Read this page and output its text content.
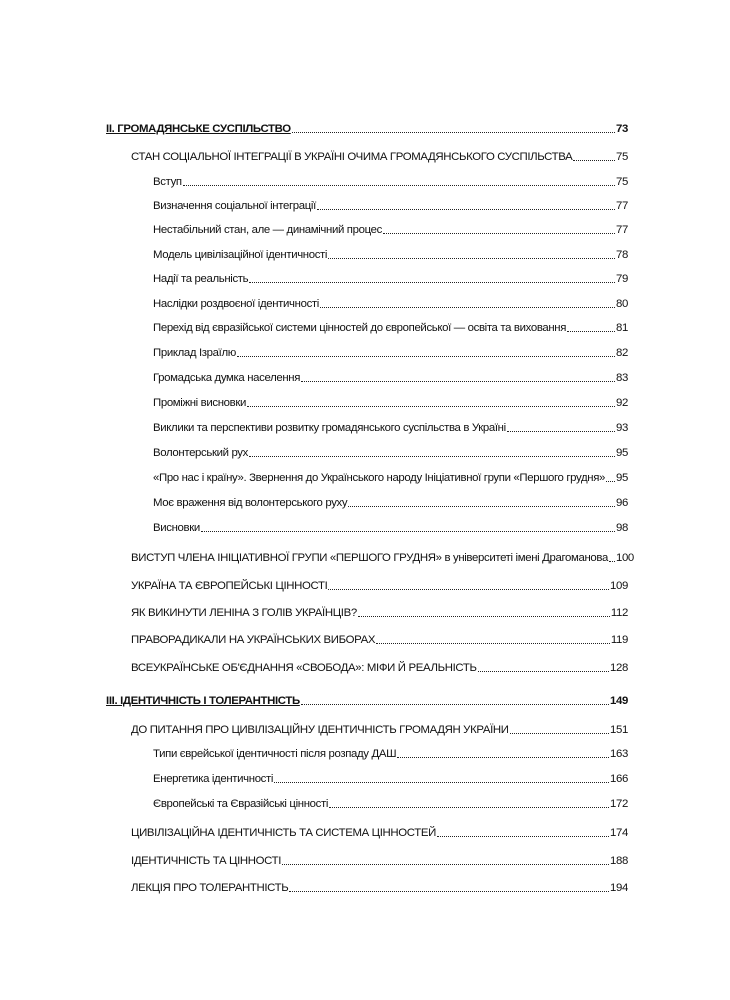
II. ГРОМАДЯНСЬКЕ СУСПІЛЬСТВО	73
СТАН СОЦІАЛЬНОЇ ІНТЕГРАЦІЇ В УКРАЇНІ ОЧИМА ГРОМАДЯНСЬКОГО СУСПІЛЬСТВА	75
Вступ	75
Визначення соціальної інтеграції	77
Нестабільний стан, але — динамічний процес	77
Модель цивілізаційної ідентичності	78
Надії та реальність	79
Наслідки роздвоєної ідентичності	80
Перехід від євразійської системи цінностей до європейської — освіта та виховання	81
Приклад Ізраїлю	82
Громадська думка населення	83
Проміжні висновки	92
Виклики та перспективи розвитку громадянського суспільства в Україні	93
Волонтерський рух	95
«Про нас і країну». Звернення до Українського народу Ініціативної групи «Першого грудня» 95
Моє враження від волонтерського руху	96
Висновки	98
ВИСТУП ЧЛЕНА ІНІЦІАТИВНОЇ ГРУПИ «ПЕРШОГО ГРУДНЯ» в університеті імені Драгоманова 100
УКРАЇНА ТА ЄВРОПЕЙСЬКІ ЦІННОСТІ	109
ЯК ВИКИНУТИ ЛЕНІНА З ГОЛІВ УКРАЇНЦІВ?	112
ПРАВОРАДИКАЛИ НА УКРАЇНСЬКИХ ВИБОРАХ	119
ВСЕУКРАЇНСЬКЕ ОБ'ЄДНАННЯ «СВОБОДА»: МІФИ Й РЕАЛЬНІСТЬ	128
III. ІДЕНТИЧНІСТЬ І ТОЛЕРАНТНІСТЬ	149
ДО ПИТАННЯ ПРО ЦИВІЛІЗАЦІЙНУ ІДЕНТИЧНІСТЬ ГРОМАДЯН УКРАЇНИ	151
Типи єврейської ідентичності після розпаду ДАШ	163
Енергетика ідентичності	166
Європейські та Євразійські цінності	172
ЦИВІЛІЗАЦІЙНА ІДЕНТИЧНІСТЬ ТА СИСТЕМА ЦІННОСТЕЙ	174
ІДЕНТИЧНІСТЬ ТА ЦІННОСТІ	188
ЛЕКЦІЯ ПРО ТОЛЕРАНТНІСТЬ	194
